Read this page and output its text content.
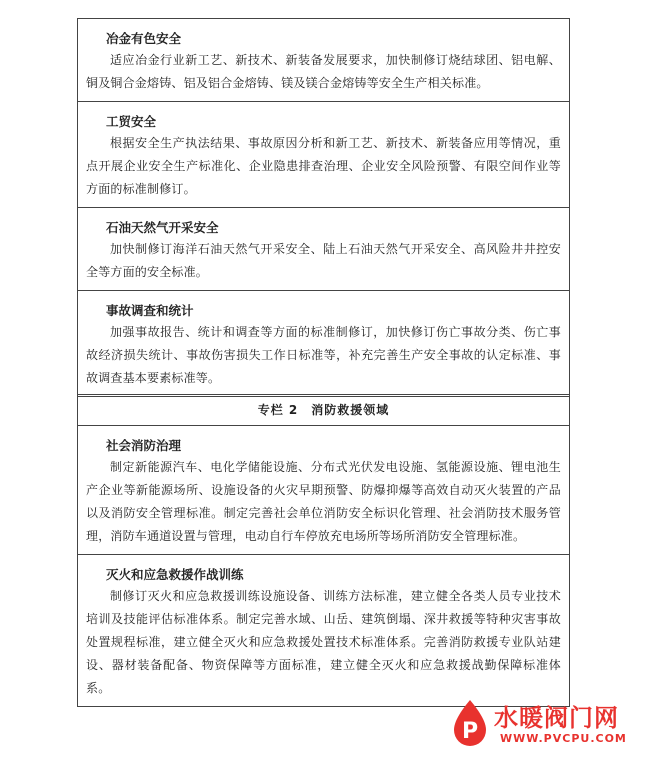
冶金有色安全
适应冶金行业新工艺、新技术、新装备发展要求，加快制修订烧结球团、铝电解、铜及铜合金熔铸、铝及铝合金熔铸、镁及镁合金熔铸等安全生产相关标准。
工贸安全
根据安全生产执法结果、事故原因分析和新工艺、新技术、新装备应用等情况，重点开展企业安全生产标准化、企业隐患排查治理、企业安全风险预警、有限空间作业等方面的标准制修订。
石油天然气开采安全
加快制修订海洋石油天然气开采安全、陆上石油天然气开采安全、高风险井井控安全等方面的安全标准。
事故调查和统计
加强事故报告、统计和调查等方面的标准制修订，加快修订伤亡事故分类、伤亡事故经济损失统计、事故伤害损失工作日标准等，补充完善生产安全事故的认定标准、事故调查基本要素标准等。
专栏 2　消防救援领域
社会消防治理
制定新能源汽车、电化学储能设施、分布式光伏发电设施、氢能源设施、锂电池生产企业等新能源场所、设施设备的火灾早期预警、防爆抑爆等高效自动灭火装置的产品以及消防安全管理标准。制定完善社会单位消防安全标识化管理、社会消防技术服务管理，消防车通道设置与管理，电动自行车停放充电场所等场所消防安全管理标准。
灭火和应急救援作战训练
制修订灭火和应急救援训练设施设备、训练方法标准，建立健全各类人员专业技术培训及技能评估标准体系。制定完善水域、山岳、建筑倒塌、深井救援等特种灾害事故处置规程标准，建立健全灭火和应急救援处置技术标准体系。完善消防救援专业队站建设、器材装备配备、物资保障等方面标准，建立健全灭火和应急救援战勤保障标准体系。
P 水暖阀门网
WWW.PVCPU.COM
